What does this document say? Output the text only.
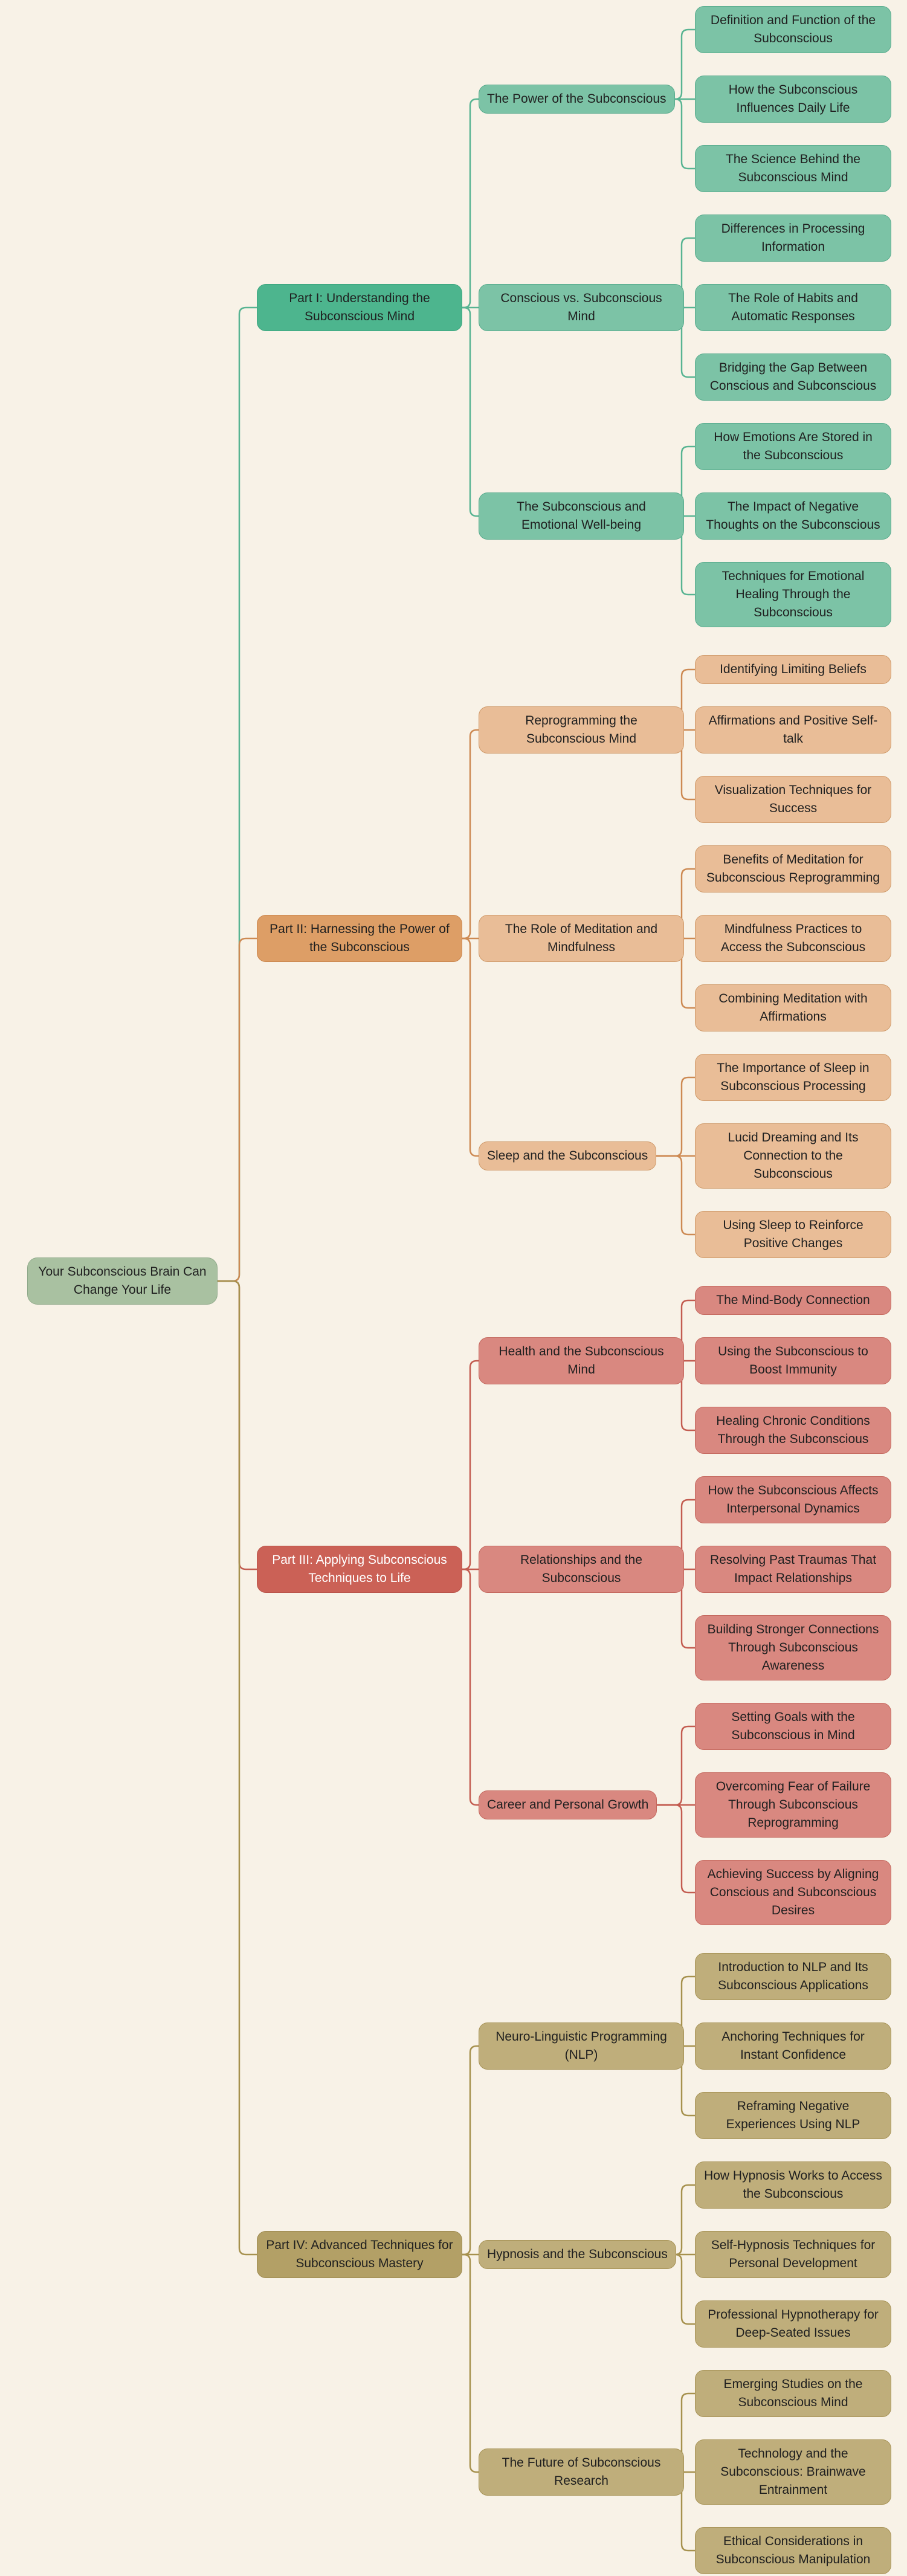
Your Subconscious Brain Can Change Your Life
Part I: Understanding the Subconscious Mind
The Power of the Subconscious
Definition and Function of the Subconscious
How the Subconscious Influences Daily Life
The Science Behind the Subconscious Mind
Conscious vs. Subconscious Mind
Differences in Processing Information
The Role of Habits and Automatic Responses
Bridging the Gap Between Conscious and Subconscious
The Subconscious and Emotional Well-being
How Emotions Are Stored in the Subconscious
The Impact of Negative Thoughts on the Subconscious
Techniques for Emotional Healing Through the Subconscious
Part II: Harnessing the Power of the Subconscious
Reprogramming the Subconscious Mind
Identifying Limiting Beliefs
Affirmations and Positive Self-talk
Visualization Techniques for Success
The Role of Meditation and Mindfulness
Benefits of Meditation for Subconscious Reprogramming
Mindfulness Practices to Access the Subconscious
Combining Meditation with Affirmations
Sleep and the Subconscious
The Importance of Sleep in Subconscious Processing
Lucid Dreaming and Its Connection to the Subconscious
Using Sleep to Reinforce Positive Changes
Part III: Applying Subconscious Techniques to Life
Health and the Subconscious Mind
The Mind-Body Connection
Using the Subconscious to Boost Immunity
Healing Chronic Conditions Through the Subconscious
Relationships and the Subconscious
How the Subconscious Affects Interpersonal Dynamics
Resolving Past Traumas That Impact Relationships
Building Stronger Connections Through Subconscious Awareness
Career and Personal Growth
Setting Goals with the Subconscious in Mind
Overcoming Fear of Failure Through Subconscious Reprogramming
Achieving Success by Aligning Conscious and Subconscious Desires
Part IV: Advanced Techniques for Subconscious Mastery
Neuro-Linguistic Programming (NLP)
Introduction to NLP and Its Subconscious Applications
Anchoring Techniques for Instant Confidence
Reframing Negative Experiences Using NLP
Hypnosis and the Subconscious
How Hypnosis Works to Access the Subconscious
Self-Hypnosis Techniques for Personal Development
Professional Hypnotherapy for Deep-Seated Issues
The Future of Subconscious Research
Emerging Studies on the Subconscious Mind
Technology and the Subconscious: Brainwave Entrainment
Ethical Considerations in Subconscious Manipulation
